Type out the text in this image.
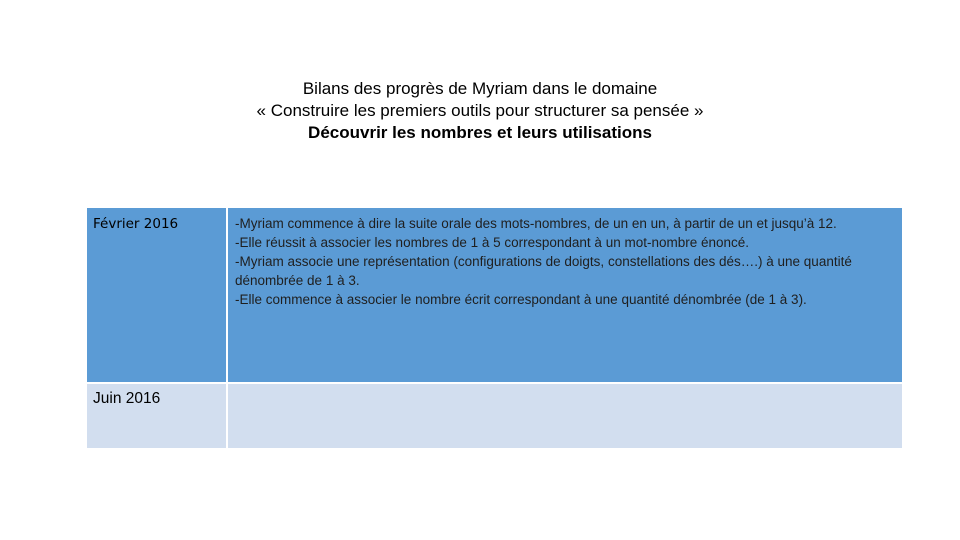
Bilans des progrès de Myriam dans le domaine
« Construire les premiers outils pour structurer sa pensée »
Découvrir les nombres et leurs utilisations
Février 2016	-Myriam commence à dire la suite orale des mots-nombres, de un en un, à partir de un et jusqu’à 12.
-Elle réussit à associer les nombres de 1 à 5 correspondant à un mot-nombre énoncé.
-Myriam associe une représentation (configurations de doigts, constellations des dés….) à une quantité dénombrée de 1 à 3.
-Elle commence à associer le nombre écrit correspondant à une quantité dénombrée (de 1 à 3).

Juin 2016	
